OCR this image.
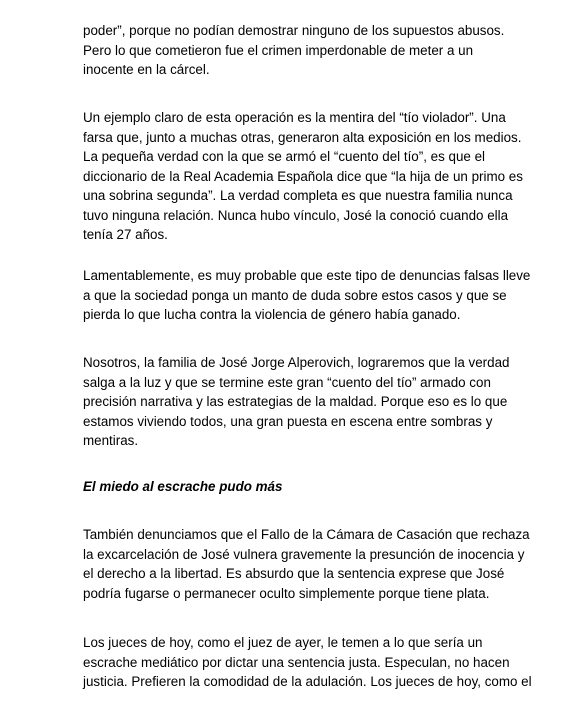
poder”, porque no podían demostrar ninguno de los supuestos abusos.
Pero lo que cometieron fue el crimen imperdonable de meter a un
inocente en la cárcel.

Un ejemplo claro de esta operación es la mentira del “tío violador”. Una
farsa que, junto a muchas otras, generaron alta exposición en los medios.
La pequeña verdad con la que se armó el “cuento del tío”, es que el
diccionario de la Real Academia Española dice que “la hija de un primo es
una sobrina segunda”. La verdad completa es que nuestra familia nunca
tuvo ninguna relación. Nunca hubo vínculo, José la conoció cuando ella
tenía 27 años.

Lamentablemente, es muy probable que este tipo de denuncias falsas lleve
a que la sociedad ponga un manto de duda sobre estos casos y que se
pierda lo que lucha contra la violencia de género había ganado.

Nosotros, la familia de José Jorge Alperovich, lograremos que la verdad
salga a la luz y que se termine este gran “cuento del tío” armado con
precisión narrativa y las estrategias de la maldad. Porque eso es lo que
estamos viviendo todos, una gran puesta en escena entre sombras y
mentiras.

El miedo al escrache pudo más

También denunciamos que el Fallo de la Cámara de Casación que rechaza
la excarcelación de José vulnera gravemente la presunción de inocencia y
el derecho a la libertad. Es absurdo que la sentencia exprese que José
podría fugarse o permanecer oculto simplemente porque tiene plata.

Los jueces de hoy, como el juez de ayer, le temen a lo que sería un
escrache mediático por dictar una sentencia justa. Especulan, no hacen
justicia. Prefieren la comodidad de la adulación. Los jueces de hoy, como el
